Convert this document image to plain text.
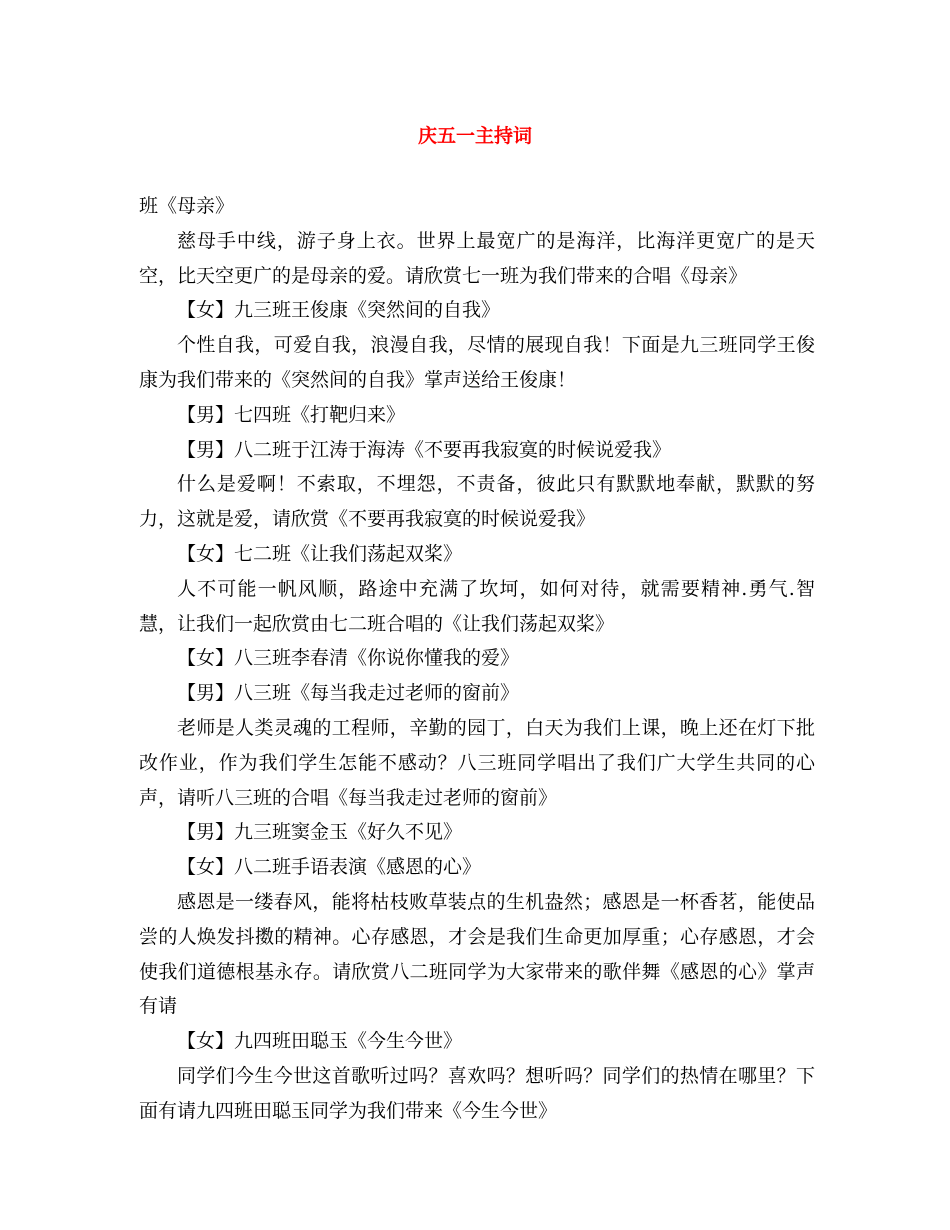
庆五一主持词

班《母亲》

慈母手中线，游子身上衣。世界上最宽广的是海洋，比海洋更宽广的是天空，比天空更广的是母亲的爱。请欣赏七一班为我们带来的合唱《母亲》

【女】九三班王俊康《突然间的自我》

个性自我，可爱自我，浪漫自我，尽情的展现自我！下面是九三班同学王俊康为我们带来的《突然间的自我》掌声送给王俊康！

【男】七四班《打靶归来》

【男】八二班于江涛于海涛《不要再我寂寞的时候说爱我》

什么是爱啊！不索取，不埋怨，不责备，彼此只有默默地奉献，默默的努力，这就是爱，请欣赏《不要再我寂寞的时候说爱我》

【女】七二班《让我们荡起双桨》

人不可能一帆风顺，路途中充满了坎坷，如何对待，就需要精神.勇气.智慧，让我们一起欣赏由七二班合唱的《让我们荡起双桨》

【女】八三班李春清《你说你懂我的爱》

【男】八三班《每当我走过老师的窗前》

老师是人类灵魂的工程师，辛勤的园丁，白天为我们上课，晚上还在灯下批改作业，作为我们学生怎能不感动？八三班同学唱出了我们广大学生共同的心声，请听八三班的合唱《每当我走过老师的窗前》

【男】九三班窦金玉《好久不见》

【女】八二班手语表演《感恩的心》

感恩是一缕春风，能将枯枝败草装点的生机盎然；感恩是一杯香茗，能使品尝的人焕发抖擞的精神。心存感恩，才会是我们生命更加厚重；心存感恩，才会使我们道德根基永存。请欣赏八二班同学为大家带来的歌伴舞《感恩的心》掌声有请

【女】九四班田聪玉《今生今世》

同学们今生今世这首歌听过吗？喜欢吗？想听吗？同学们的热情在哪里？下面有请九四班田聪玉同学为我们带来《今生今世》
